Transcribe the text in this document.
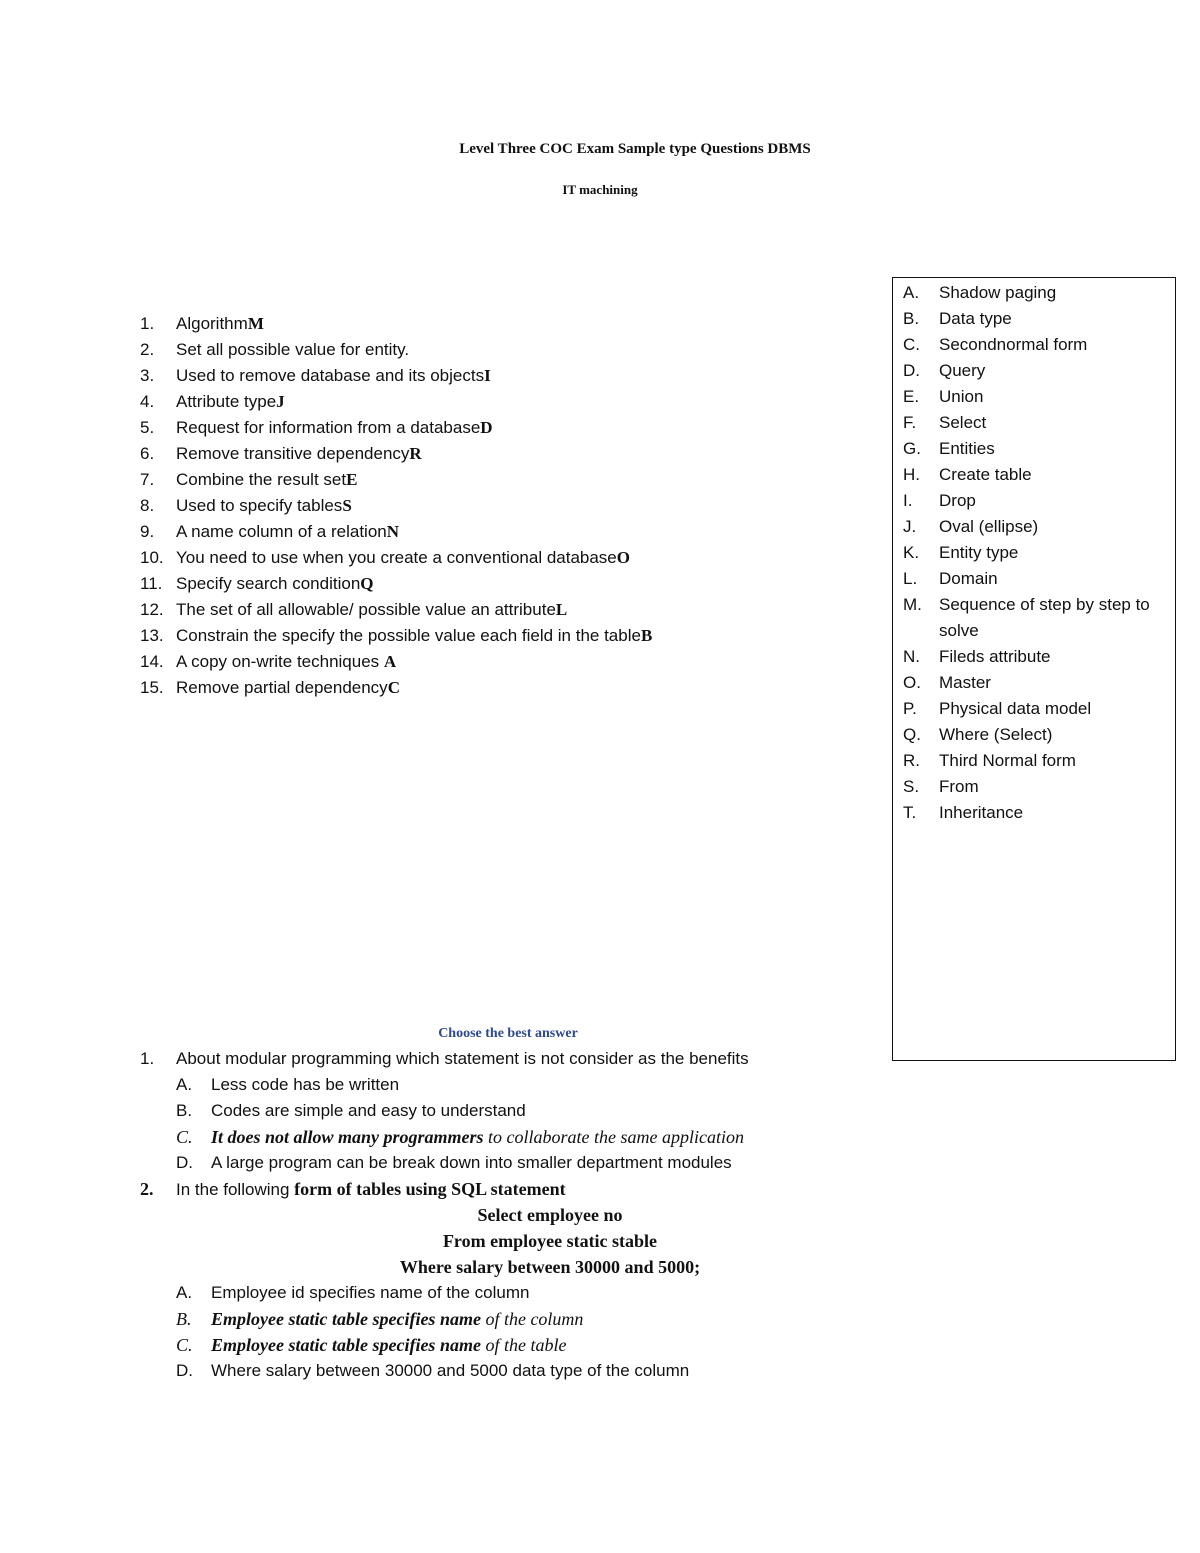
Level Three COC Exam Sample type Questions DBMS
IT machining
1. AlgorithmM
2. Set all possible value for entity.
3. Used to remove database and its objectsI
4. Attribute typeJ
5. Request for information from a databaseD
6. Remove transitive dependencyR
7. Combine the result setE
8. Used to specify tablesS
9. A name column of a relationN
10. You need to use when you create a conventional databaseO
11. Specify search conditionQ
12. The set of all allowable/ possible value an attributeL
13. Constrain the specify the possible value each field in the tableB
14. A copy on-write techniques A
15. Remove partial dependencyC
A.	Shadow paging
B.	Data type
C.	Secondnormal form
D.	Query
E.	Union
F.	Select
G.	Entities
H.	Create table
I.	Drop
J.	Oval (ellipse)
K.	Entity type
L.	Domain
M.	Sequence of step by step to solve
N.	Fileds attribute
O.	Master
P.	Physical data model
Q.	Where (Select)
R.	Third Normal form
S.	From
T.	Inheritance
Choose the best answer
1. About modular programming which statement is not consider as the benefits
A. Less code has be written
B. Codes are simple and easy to understand
C. It does not allow many programmers to collaborate the same application
D. A large program can be break down into smaller department modules
2. In the following form of tables using SQL statement
Select employee no
From employee static stable
Where salary between 30000 and 5000;
A. Employee id specifies name of the column
B. Employee static table specifies name of the column
C. Employee static table specifies name of the table
D. Where salary between 30000 and 5000 data type of the column
